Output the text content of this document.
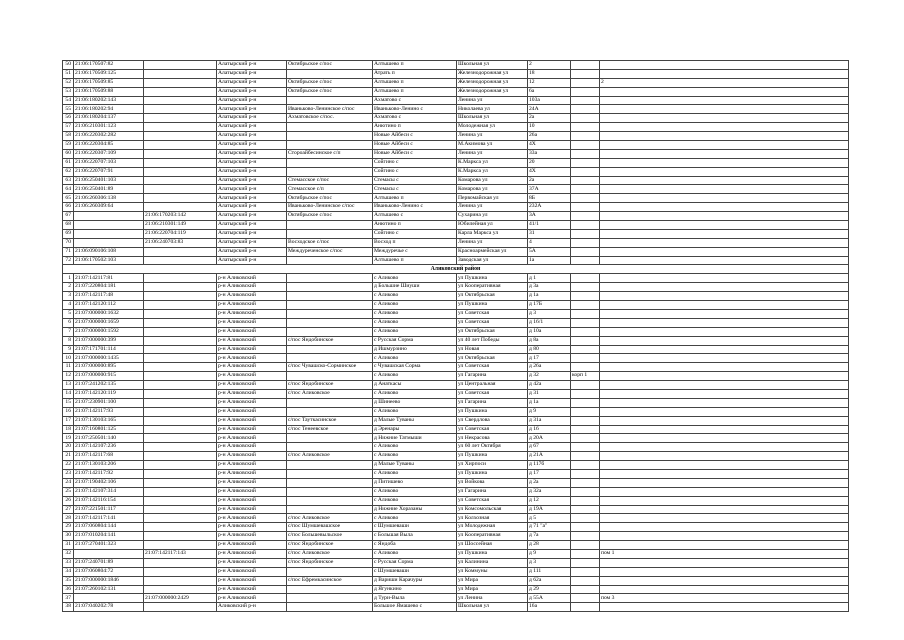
50	21:06:170507:82		Алатырский р-н	Октябрьское с/пос	Алтышево п	Школьная ул	2		
51	21:06:170509:125		Алатырский р-н		Атрать п	Железнодорожная ул	18		
52	21:06:170509:85		Алатырский р-н	Октябрьское с/пос	Алтышево п	Железнодорожная ул	12		2
53	21:06:170509:88		Алатырский р-н	Октябрьское с/пос	Алтышево п	Железнодорожная ул	6а		
54	21:06:180202:143		Алатырский р-н		Ахматово с	Ленина ул	103а		
55	21:06:180202:94		Алатырский р-н	Иваньково-Ленинское с/пос	Иваньково-Ленино с	Николаева ул	24А		
56	21:06:180204:137		Алатырский р-н	Ахматовское с/пос.	Ахматово с	Школьная ул	2а		
57	21:06:210301:123		Алатырский р-н		Анютино п	Молодежная ул	10		
58	21:06:220302:282		Алатырский р-н		Новые Айбеси с	Ленина ул	26а		
59	21:06:220304:85		Алатырский р-н		Новые Айбеси с	М.Акимова ул	4Х		
60	21:06:220307:109		Алатырский р-н	Стороайбесинское с/п	Новые Айбеси с	Ленина ул	33а		
61	21:06:220707:103		Алатырский р-н		Сойгино с	К.Маркса ул	20		
62	21:06:220707:91		Алатырский р-н		Сойгино с	К.Маркса ул	4Х		
63	21:06:250401:103		Алатырский р-н	Стемасское с/пос	Стемасы с	Комарова ул	2а		
64	21:06:250401:89		Алатырский р-н	Стемасское с/п	Стемасы с	Комарова ул	37А		
65	21:06:260306:138		Алатырский р-н	Октябрьское с/пос	Алтышево п	Первомайская ул	8Б		
66	21:06:260309:64		Алатырский р-н	Иваньково-Ленинское с/пос	Иваньково-Ленино с	Ленина ул	232А		
67		21:06:170203:142	Алатырский р-н	Октябрьское с/пос	Алтышево с	Сухарина ул	3А		
68		21:06:210301:149	Алатырский р-н		Анютино п	Юбилейная ул	41/1		
69		21:06:220704:119	Алатырский р-н		Сойгино с	Карла Маркса ул	31		
70		21:06:240703:83	Алатырский р-н	Восходское с/пос	Восход п	Ленина ул	4		
71	21:06:090106:108		Алатырский р-н	Междуреченское с/пос	Междуречье с	Красноармейская ул	5А		
72	21:06:170502:103		Алатырский р-н		Алтышево п	Заводская ул	1а		
Аликовский район									
1	21:07:142117:81		р-н Аликовский		с Аликово	ул Пушкина	д 1		
2	21:07:220804:181		р-н Аликовский		д Большие Шиуши	ул Кооперативная	д 3а		
3	21:07:142117:48		р-н Аликовский		с Аликово	ул Октябрьская	д 1а		
4	21:07:142120:112		р-н Аликовский		с Аликово	ул Пушкина	д 17Б		
5	21:07:000000:1632		р-н Аликовский		с Аликово	ул Советская	д 3		
6	21:07:000000:1659		р-н Аликовский		с Аликово	ул Советская	д 16/1		
7	21:07:000000:1592		р-н Аликовский		с Аликово	ул Октябрьская	д 10а		
8	21:07:000000:399		р-н Аликовский	с/пос Яндобинское	с Русская Сорма	ул 40 лет Победы	д 8а		
9	21:07:171701:114		р-н Аликовский		д Ишмурзино	ул Новая	д 80		
10	21:07:000000:1435		р-н Аликовский		с Аликово	ул Октябрьская	д 17		
11	21:07:000000:895		р-н Аликовский	с/пос Чувашско-Сорминское	с Чувашская Сорма	ул Советская	д 26а		
12	21:07:000000:915		р-н Аликовский		с Аликово	ул Гагарина	д 32	корп 1	
13	21:07:241202:135		р-н Аликовский	с/пос Яндобинское	д Анаткасы	ул Центральная	д 42а		
14	21:07:142120:119		р-н Аликовский	с/пос Аликовское	с Аликово	ул Советская	д 31		
15	21:07:230901:100		р-н Аликовский		д Шинеево	ул Гагарина	д 1а		
16	21:07:142117:93		р-н Аликовский		с Аликово	ул Пушкина	д 9		
17	21:07:130103:165		р-н Аликовский	с/пос Тауткасинское	д Малые Туваны	ул Свердлова	д 31а		
18	21:07:160801:125		р-н Аликовский	с/пос Тенеевское	д Эренары	ул Советская	д 16		
19	21:07:250501:140		р-н Аликовский		д Нижние Татмыши	ул Некрасова	д 20А		
20	21:07:142107:236		р-н Аликовский		с Аликово	ул 60 лет Октября	д 67		
21	21:07:142117:68		р-н Аликовский	с/пос Аликовское	с Аликово	ул Пушкина	д 21А		
22	21:07:130103:206		р-н Аликовский		д Малые Туваны	ул Хирпоси	д 117б		
23	21:07:142117:92		р-н Аликовский		с Аликово	ул Пушкина	д 17		
24	21:07:190402:106		р-н Аликовский		д Питишево	ул Войкова	д 2а		
25	21:07:142107:314		р-н Аликовский		с Аликово	ул Гагарина	д 32а		
26	21:07:142116:154		р-н Аликовский		с Аликово	ул Советская	д 12		
27	21:07:221501:117		р-н Аликовский		д Нижние Хоразаны	ул Комсомольская	д 19А		
28	21:07:142117:141		р-н Аликовский	с/пос Аликовское	с Аликово	ул Колхозная	д 5		
29	21:07:060804:144		р-н Аликовский	с/пос Шумшевашское	с Шумшеваши	ул Молодежная	д 71 "а"		
30	21:07:010204:141		р-н Аликовский	с/пос Большевыльское	с Большая Выла	ул Кооперативная	д 7а		
31	21:07:270401:323		р-н Аликовский	с/пос Яндобинское	с Яндоба	ул Шоссейная	д 28		
32		21:07:142117:143	р-н Аликовский	с/пос Аликовское	с Аликово	ул Пушкина	д 9		пом 1
33	21:07:240701:89		р-н Аликовский	с/пос Яндобинское	с Русская Сорма	ул Калинина	д 3		
34	21:07:060804:72		р-н Аликовский		с Шумшеваши	ул Коммуны	д 111		
35	21:07:000000:1846		р-н Аликовский	с/пос Ефремкасинское	д Вариши Карачуры	ул Мира	д 62а		
36	21:07:260102:131		р-н Аликовский		д Ягункино	ул Мира	д 29		
37		21:07:000000:2429	р-н Аликовский		д Тури-Выла	ул Ленина	д 55А		пом 3
38	21:07:040202:78		Аликовский р-н		Большое Ямашево с	Школьная ул	16а		
